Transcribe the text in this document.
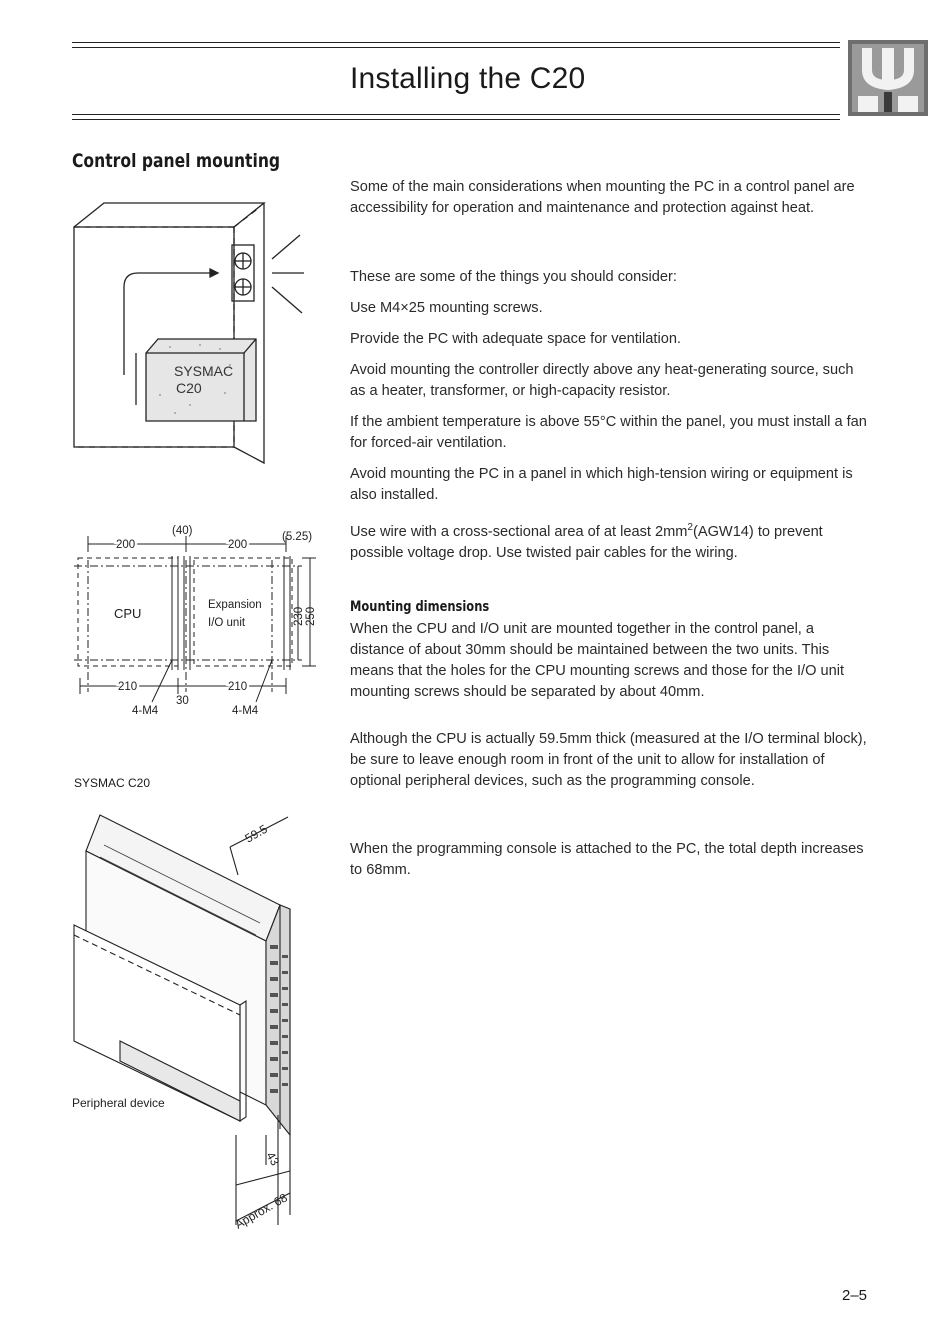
Installing the C20
Control panel mounting

Some of the main considerations when mounting the PC in a control panel are accessibility for operation and maintenance and protection against heat.

These are some of the things you should consider:

Use M4×25 mounting screws.

Provide the PC with adequate space for ventilation.

Avoid mounting the controller directly above any heat-generating source, such as a heater, transformer, or high-capacity resistor.

If the ambient temperature is above 55°C within the panel, you must install a fan for forced-air ventilation.

Avoid mounting the PC in a panel in which high-tension wiring or equipment is also installed.

Use wire with a cross-sectional area of at least $2mm^2(AGW14)$ to prevent possible voltage drop. Use twisted pair cables for the wiring.

Mounting dimensions

When the CPU and I/O unit are mounted together in the control panel, a distance of about 30mm should be maintained between the two units. This means that the holes for the CPU mounting screws and those for the I/O unit mounting screws should be separated by about 40mm.

Although the CPU is actually 59.5mm thick (measured at the I/O terminal block), be sure to leave enough room in front of the unit to allow for installation of optional peripheral devices, such as the programming console.

When the programming console is attached to the PC, the total depth increases to 68mm.

SYSMAC
C20
200
(40)
200
(5.25)
CPU
Expansion
I/O unit	230 250
210
30
210
4-M4	4-M4
SYSMAC C20
59.5
Peripheral device
43
Approx. 68
2–5
